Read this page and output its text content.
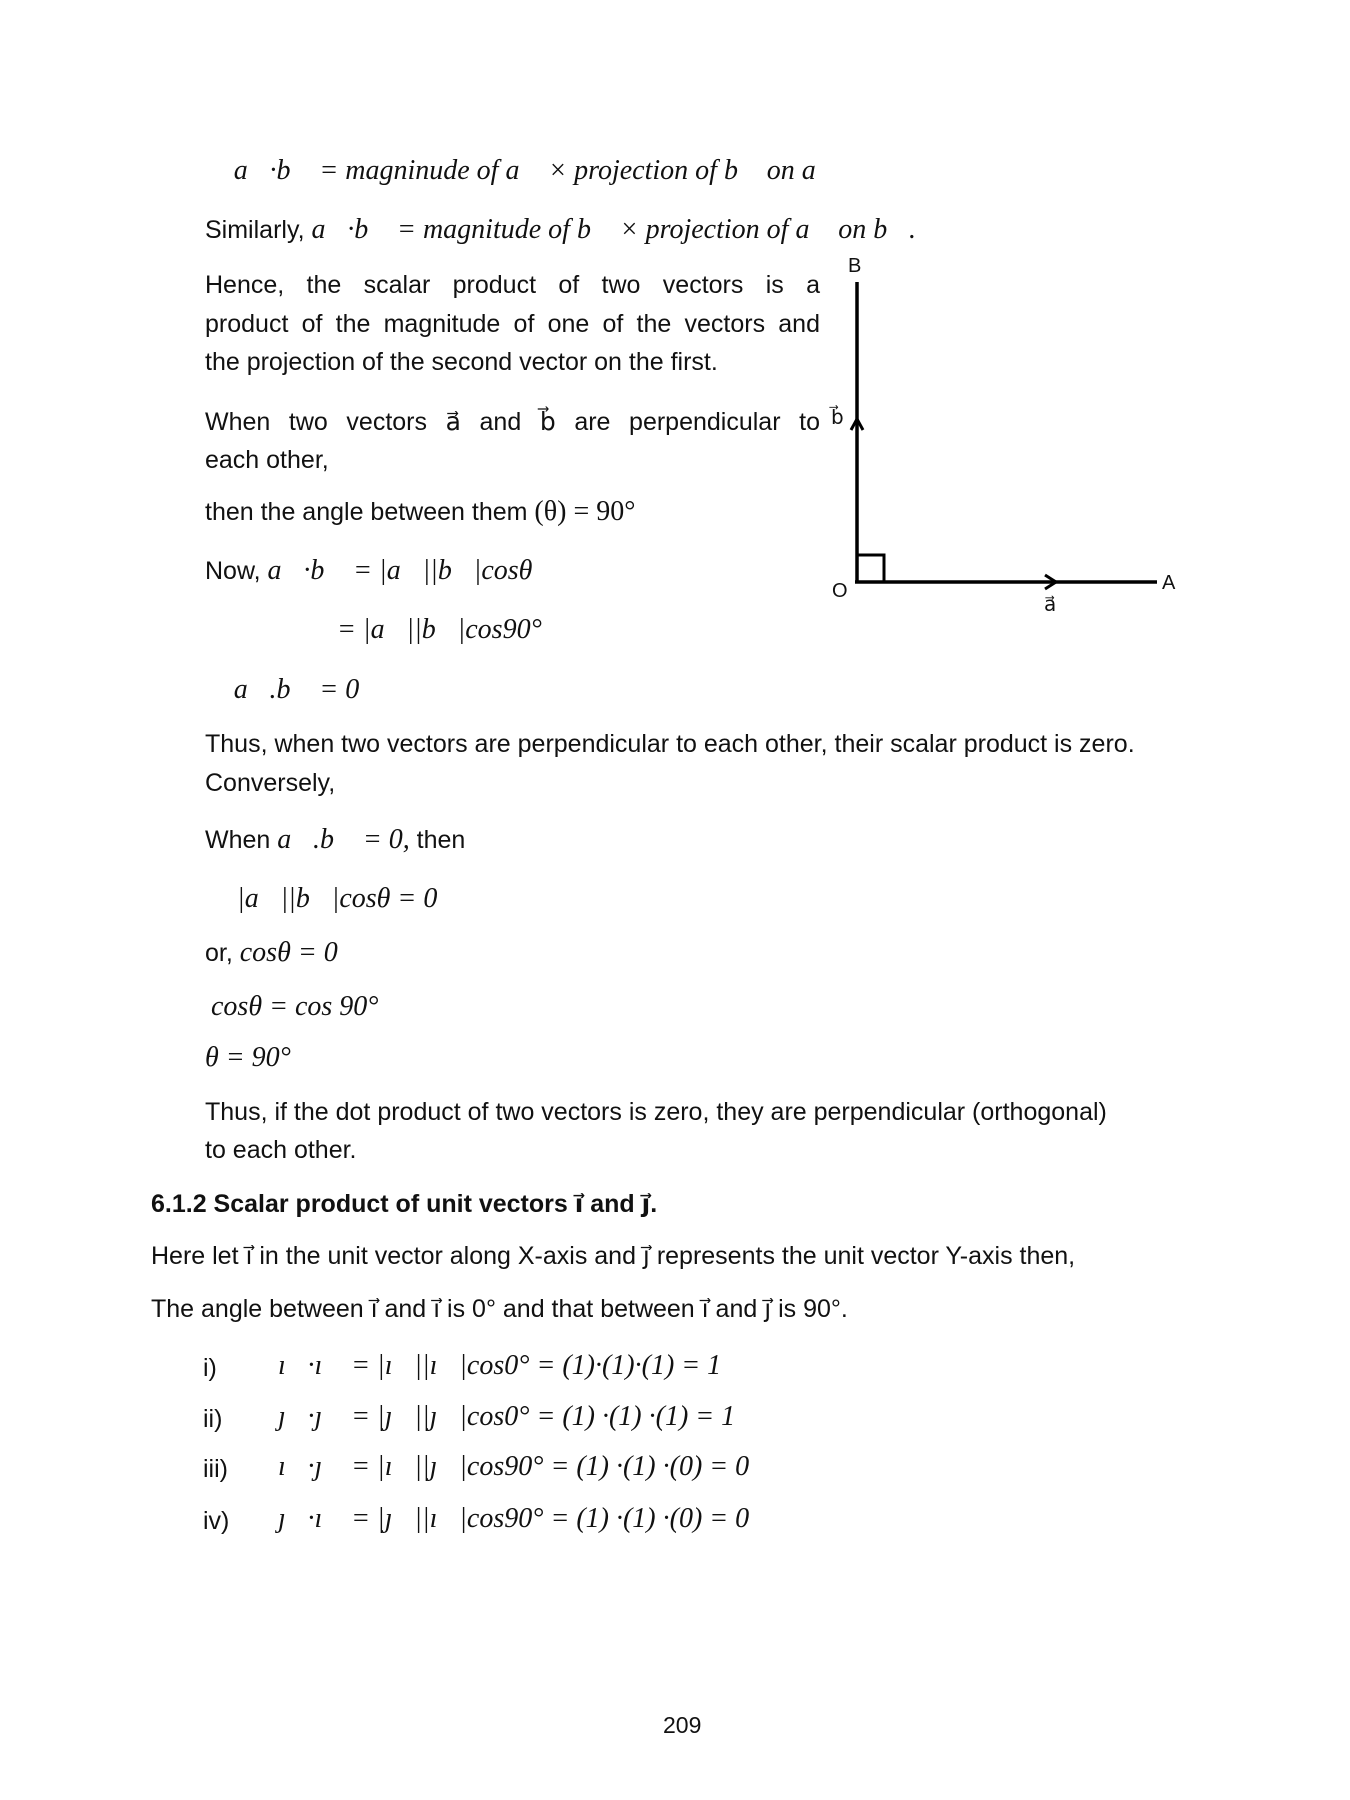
B
b⃗
O
a⃗
A
∴ a⃗·b⃗ = magninude of a⃗ × projection of b⃗ on a⃗
Similarly, a⃗·b⃗ = magnitude of b⃗ × projection of a⃗ on b⃗.
Hence, the scalar product of two vectors is a
product of the magnitude of one of the vectors and
the projection of the second vector on the first.
When two vectors a⃗ and b⃗ are perpendicular to
each other,
then the angle between them (θ) = 90°
Now, a⃗·b⃗ = |a⃗||b⃗|cosθ
= |a⃗||b⃗|cos90°
∴ a⃗.b⃗ = 0
Thus, when two vectors are perpendicular to each other, their scalar product is zero.
Conversely,
When a⃗.b⃗ = 0, then
|a⃗||b⃗|cosθ = 0
or, cosθ = 0
cosθ = cos 90°
θ = 90°
Thus, if the dot product of two vectors is zero, they are perpendicular (orthogonal)
to each other.
6.1.2 Scalar product of unit vectors ı⃗ and ȷ⃗.
Here let ı⃗ in the unit vector along X-axis and ȷ⃗ represents the unit vector Y-axis then,
The angle between ı⃗ and ı⃗ is 0° and that between ı⃗ and ȷ⃗ is 90°.
i) ı⃗·ı⃗ = |ı⃗||ı⃗|cos0° = (1)·(1)·(1) = 1
ii) ȷ⃗·ȷ⃗ = |ȷ⃗||ȷ⃗|cos0° = (1) ·(1) ·(1) = 1
iii) ı⃗·ȷ⃗ = |ı⃗||ȷ⃗|cos90° = (1) ·(1) ·(0) = 0
iv) ȷ⃗·ı⃗ = |ȷ⃗||ı⃗|cos90° = (1) ·(1) ·(0) = 0
209
